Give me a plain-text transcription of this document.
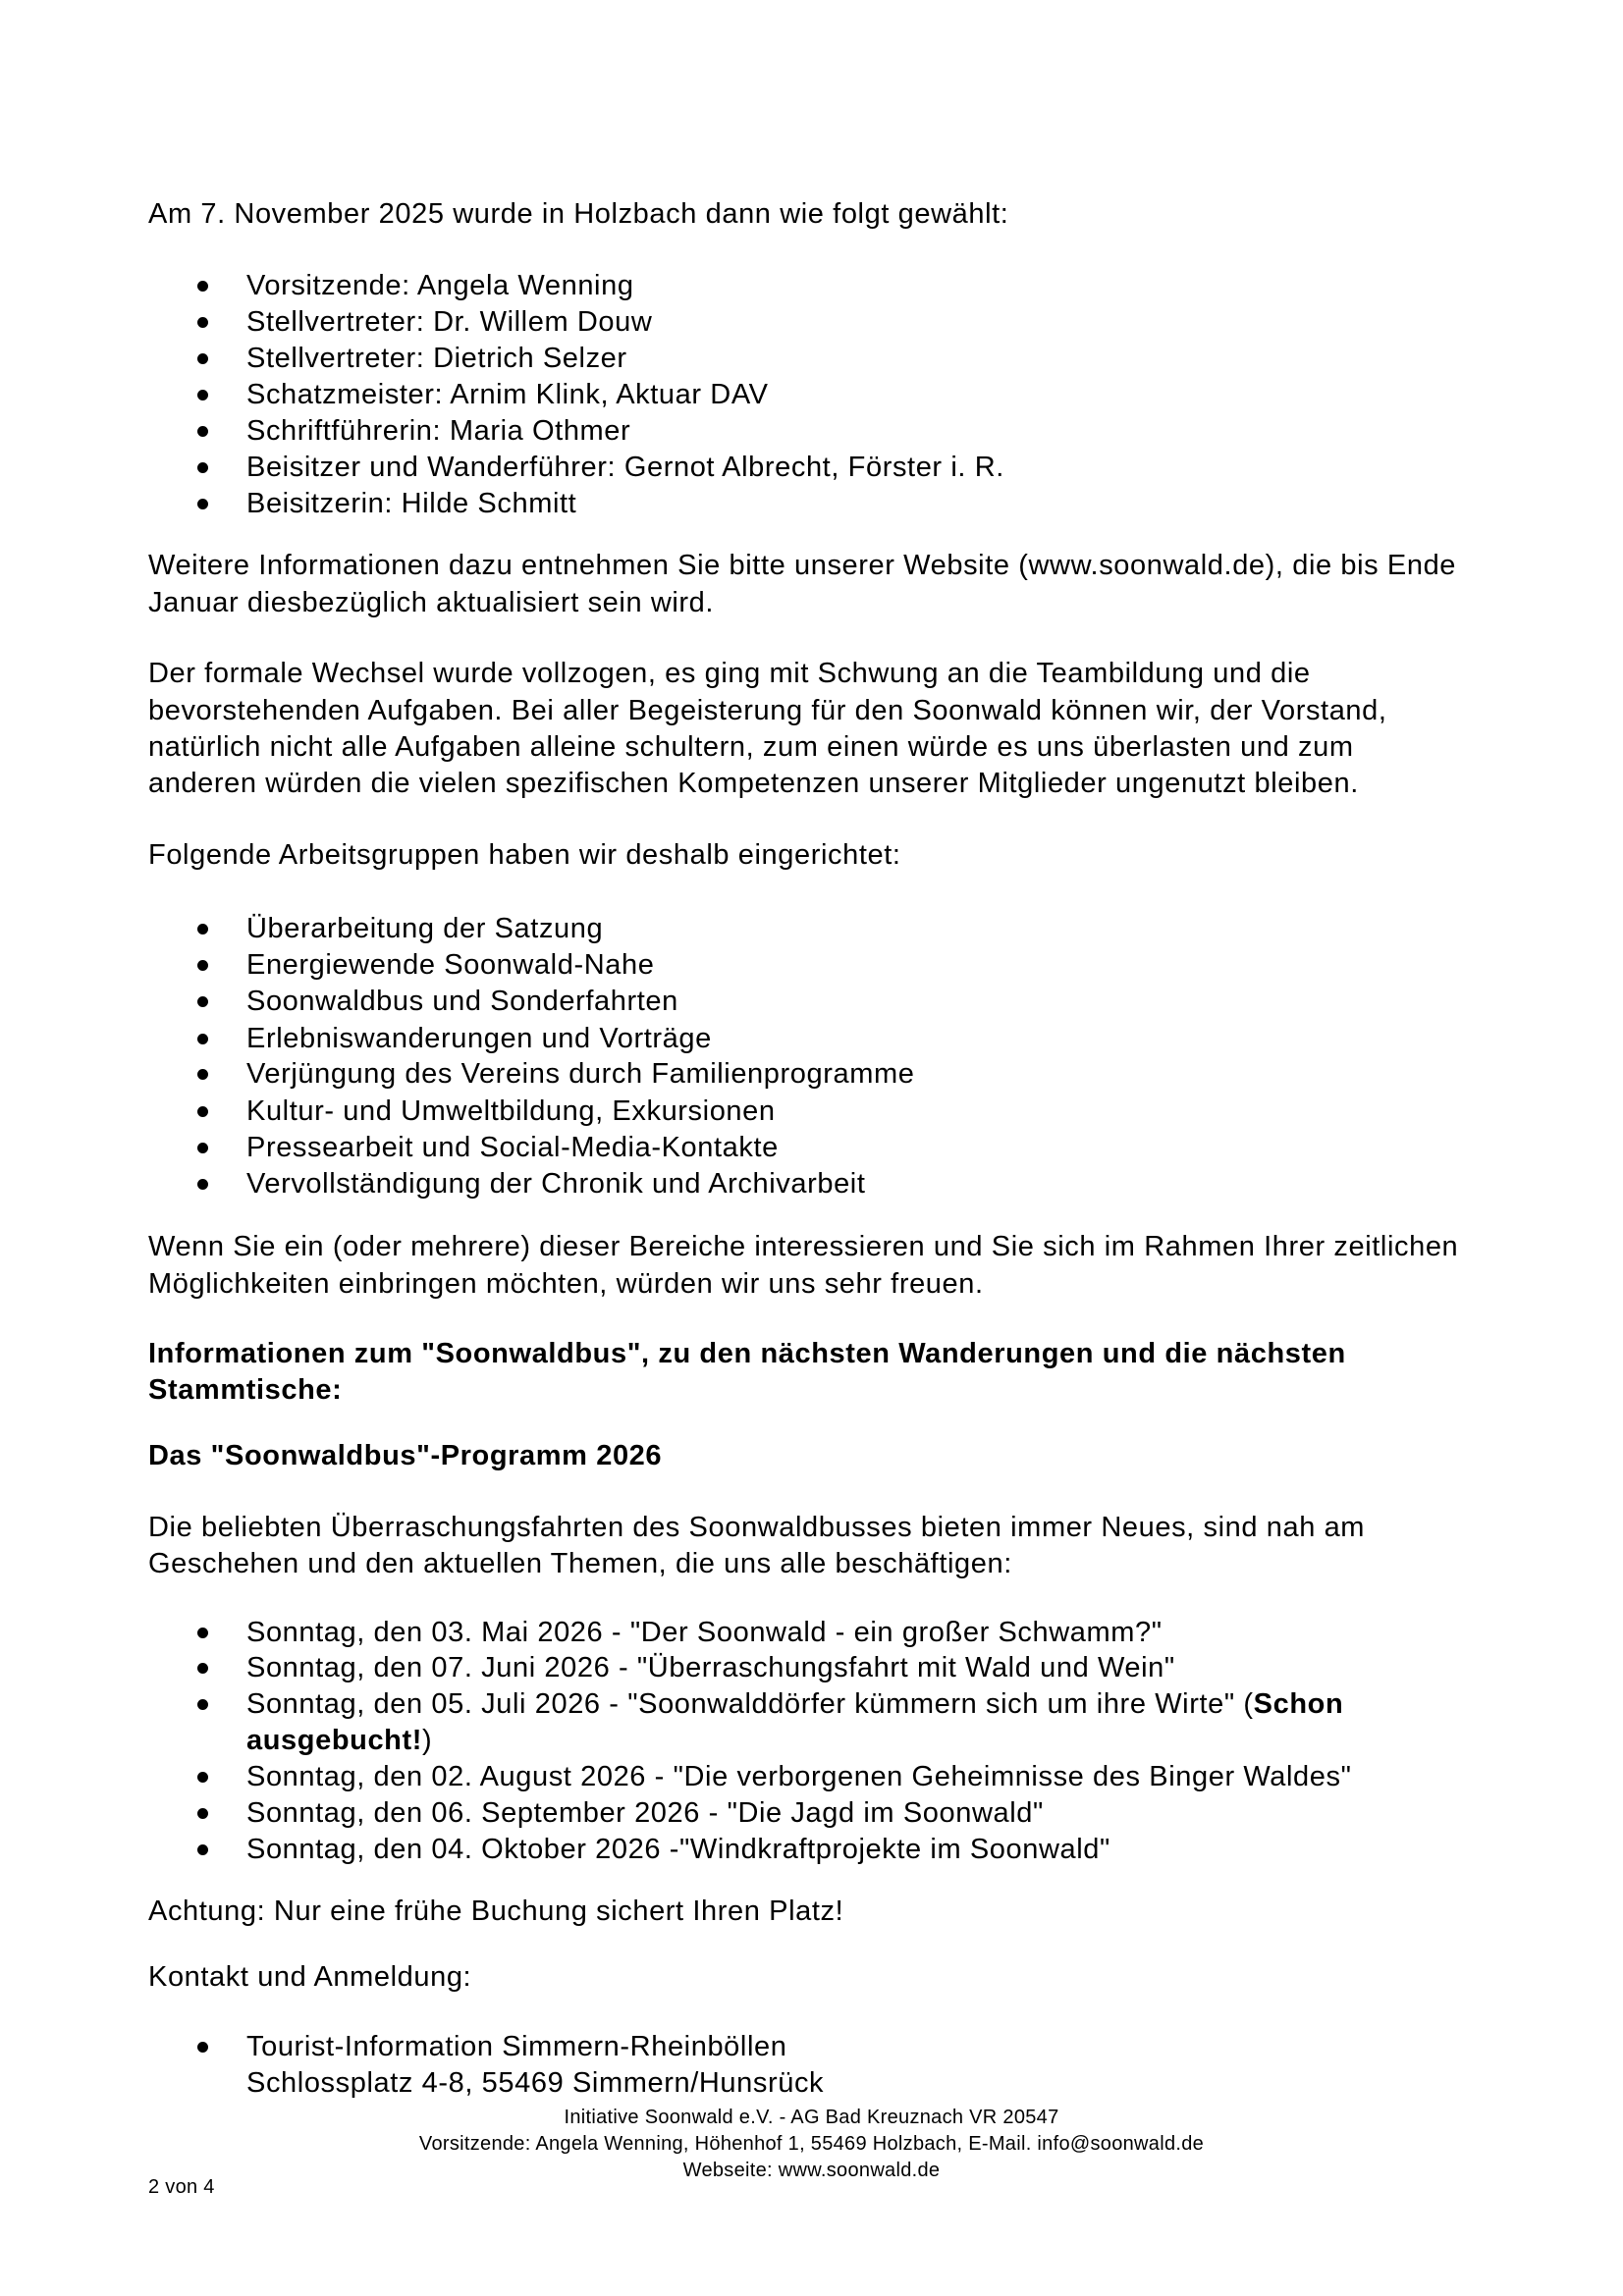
Am 7. November 2025 wurde in Holzbach dann wie folgt gewählt:
Vorsitzende: Angela Wenning
Stellvertreter: Dr. Willem Douw
Stellvertreter: Dietrich Selzer
Schatzmeister: Arnim Klink, Aktuar DAV
Schriftführerin: Maria Othmer
Beisitzer und Wanderführer: Gernot Albrecht, Förster i. R.
Beisitzerin: Hilde Schmitt
Weitere Informationen dazu entnehmen Sie bitte unserer Website (www.soonwald.de), die bis Ende
Januar diesbezüglich aktualisiert sein wird.
Der formale Wechsel wurde vollzogen, es ging mit Schwung an die Teambildung und die
bevorstehenden Aufgaben. Bei aller Begeisterung für den Soonwald können wir, der Vorstand,
natürlich nicht alle Aufgaben alleine schultern, zum einen würde es uns überlasten und zum
anderen würden die vielen spezifischen Kompetenzen unserer Mitglieder ungenutzt bleiben.
Folgende Arbeitsgruppen haben wir deshalb eingerichtet:
Überarbeitung der Satzung
Energiewende Soonwald-Nahe
Soonwaldbus und Sonderfahrten
Erlebniswanderungen und Vorträge
Verjüngung des Vereins durch Familienprogramme
Kultur- und Umweltbildung, Exkursionen
Pressearbeit und Social-Media-Kontakte
Vervollständigung der Chronik und Archivarbeit
Wenn Sie ein (oder mehrere) dieser Bereiche interessieren und Sie sich im Rahmen Ihrer zeitlichen
Möglichkeiten einbringen möchten, würden wir uns sehr freuen.
Informationen zum "Soonwaldbus", zu den nächsten Wanderungen und die nächsten
Stammtische:
Das "Soonwaldbus"-Programm 2026
Die beliebten Überraschungsfahrten des Soonwaldbusses bieten immer Neues, sind nah am
Geschehen und den aktuellen Themen, die uns alle beschäftigen:
Sonntag, den 03. Mai 2026 - "Der Soonwald - ein großer Schwamm?"
Sonntag, den 07. Juni 2026 - "Überraschungsfahrt mit Wald und Wein"
Sonntag, den 05. Juli 2026 - "Soonwalddörfer kümmern sich um ihre Wirte" (Schon
ausgebucht!)
Sonntag, den 02. August 2026 - "Die verborgenen Geheimnisse des Binger Waldes"
Sonntag, den 06. September 2026 - "Die Jagd im Soonwald"
Sonntag, den 04. Oktober 2026 -"Windkraftprojekte im Soonwald"
Achtung: Nur eine frühe Buchung sichert Ihren Platz!
Kontakt und Anmeldung:
Tourist-Information Simmern-Rheinböllen
Schlossplatz 4-8, 55469 Simmern/Hunsrück
Initiative Soonwald e.V. - AG Bad Kreuznach VR 20547
Vorsitzende: Angela Wenning, Höhenhof 1, 55469 Holzbach, E-Mail. info@soonwald.de
Webseite: www.soonwald.de
2 von 4
